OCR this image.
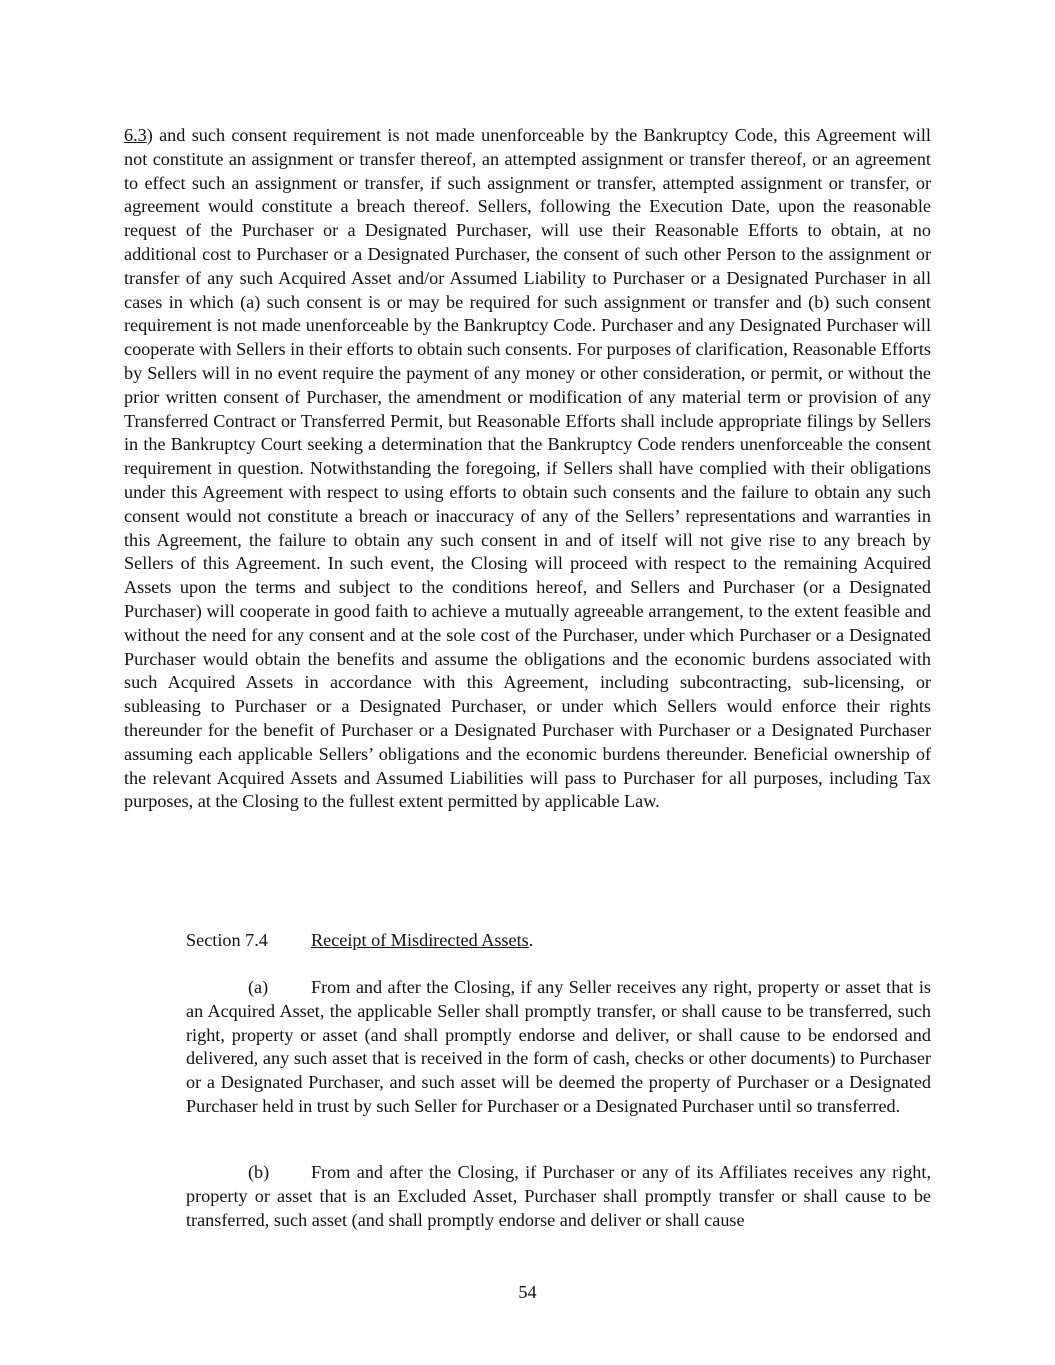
6.3) and such consent requirement is not made unenforceable by the Bankruptcy Code, this Agreement will not constitute an assignment or transfer thereof, an attempted assignment or transfer thereof, or an agreement to effect such an assignment or transfer, if such assignment or transfer, attempted assignment or transfer, or agreement would constitute a breach thereof. Sellers, following the Execution Date, upon the reasonable request of the Purchaser or a Designated Purchaser, will use their Reasonable Efforts to obtain, at no additional cost to Purchaser or a Designated Purchaser, the consent of such other Person to the assignment or transfer of any such Acquired Asset and/or Assumed Liability to Purchaser or a Designated Purchaser in all cases in which (a) such consent is or may be required for such assignment or transfer and (b) such consent requirement is not made unenforceable by the Bankruptcy Code. Purchaser and any Designated Purchaser will cooperate with Sellers in their efforts to obtain such consents. For purposes of clarification, Reasonable Efforts by Sellers will in no event require the payment of any money or other consideration, or permit, or without the prior written consent of Purchaser, the amendment or modification of any material term or provision of any Transferred Contract or Transferred Permit, but Reasonable Efforts shall include appropriate filings by Sellers in the Bankruptcy Court seeking a determination that the Bankruptcy Code renders unenforceable the consent requirement in question. Notwithstanding the foregoing, if Sellers shall have complied with their obligations under this Agreement with respect to using efforts to obtain such consents and the failure to obtain any such consent would not constitute a breach or inaccuracy of any of the Sellers’ representations and warranties in this Agreement, the failure to obtain any such consent in and of itself will not give rise to any breach by Sellers of this Agreement. In such event, the Closing will proceed with respect to the remaining Acquired Assets upon the terms and subject to the conditions hereof, and Sellers and Purchaser (or a Designated Purchaser) will cooperate in good faith to achieve a mutually agreeable arrangement, to the extent feasible and without the need for any consent and at the sole cost of the Purchaser, under which Purchaser or a Designated Purchaser would obtain the benefits and assume the obligations and the economic burdens associated with such Acquired Assets in accordance with this Agreement, including subcontracting, sub-licensing, or subleasing to Purchaser or a Designated Purchaser, or under which Sellers would enforce their rights thereunder for the benefit of Purchaser or a Designated Purchaser with Purchaser or a Designated Purchaser assuming each applicable Sellers’ obligations and the economic burdens thereunder. Beneficial ownership of the relevant Acquired Assets and Assumed Liabilities will pass to Purchaser for all purposes, including Tax purposes, at the Closing to the fullest extent permitted by applicable Law.

Section 7.4 Receipt of Misdirected Assets.

(a) From and after the Closing, if any Seller receives any right, property or asset that is an Acquired Asset, the applicable Seller shall promptly transfer, or shall cause to be transferred, such right, property or asset (and shall promptly endorse and deliver, or shall cause to be endorsed and delivered, any such asset that is received in the form of cash, checks or other documents) to Purchaser or a Designated Purchaser, and such asset will be deemed the property of Purchaser or a Designated Purchaser held in trust by such Seller for Purchaser or a Designated Purchaser until so transferred.

(b) From and after the Closing, if Purchaser or any of its Affiliates receives any right, property or asset that is an Excluded Asset, Purchaser shall promptly transfer or shall cause to be transferred, such asset (and shall promptly endorse and deliver or shall cause

54
